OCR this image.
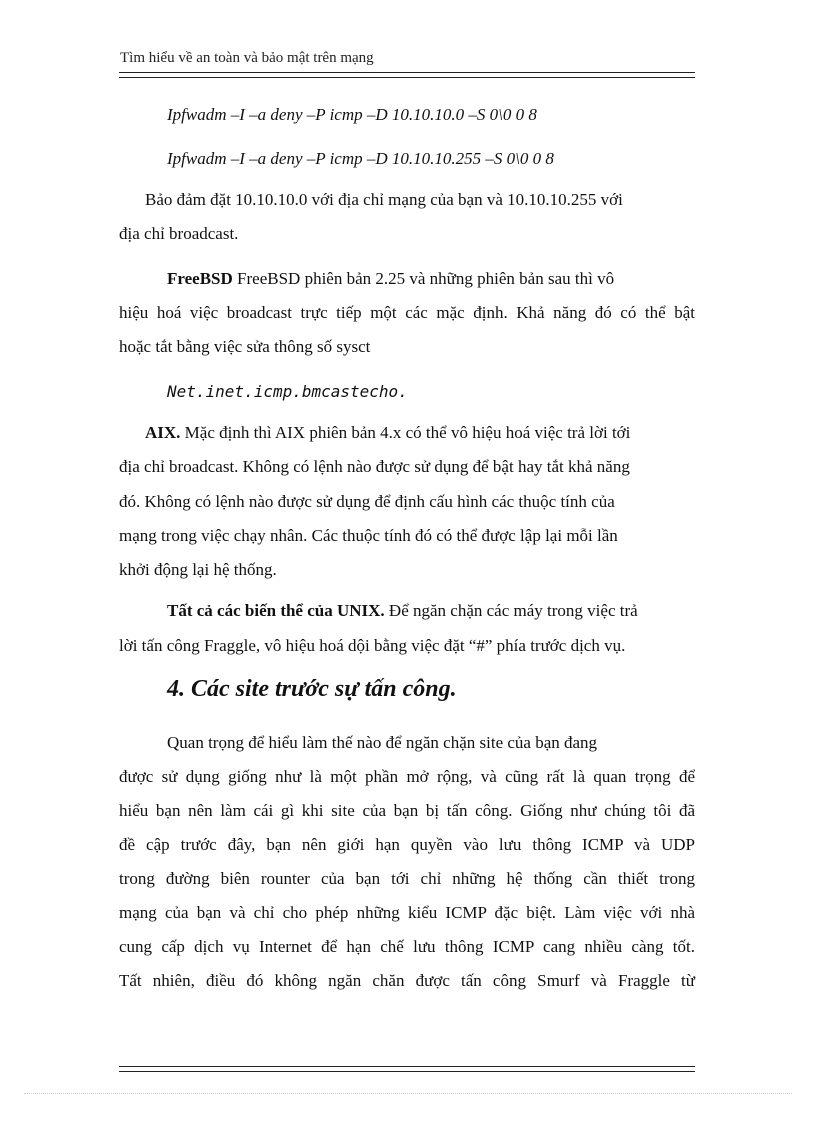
Tìm hiểu về an toàn và bảo mật trên mạng
Ipfwadm –I –a deny –P icmp –D 10.10.10.0 –S 0\0 0 8
Ipfwadm –I –a deny –P icmp –D 10.10.10.255 –S 0\0 0 8
Bảo đảm đặt 10.10.10.0 với địa chỉ mạng của bạn và 10.10.10.255 với
địa chỉ broadcast.
FreeBSD FreeBSD phiên bản 2.25 và những phiên bản sau thì vô
hiệu hoá việc broadcast trực tiếp một các mặc định. Khả năng đó có thể bật
hoặc tắt bằng việc sửa thông số sysct
Net.inet.icmp.bmcastecho.
AIX. Mặc định thì AIX phiên bản 4.x có thể vô hiệu hoá việc trả lời tới
địa chỉ broadcast. Không có lệnh nào được sử dụng để bật hay tắt khả năng
đó. Không có lệnh nào được sử dụng để định cấu hình các thuộc tính của
mạng trong việc chạy nhân. Các thuộc tính đó có thể được lập lại mỗi lần
khởi động lại hệ thống.
Tất cả các biến thể của UNIX. Để ngăn chặn các máy trong việc trả
lời tấn công Fraggle, vô hiệu hoá dội bằng việc đặt “#” phía trước dịch vụ.
4. Các site trước sự tấn công.
Quan trọng để hiểu làm thế nào để ngăn chặn site của bạn đang
được sử dụng giống như là một phần mở rộng, và cũng rất là quan trọng để
hiểu bạn nên làm cái gì khi site của bạn bị tấn công. Giống như chúng tôi đã
đề cập trước đây, bạn nên giới hạn quyền vào lưu thông ICMP và UDP
trong đường biên rounter của bạn tới chỉ những hệ thống cần thiết trong
mạng của bạn và chỉ cho phép những kiểu ICMP đặc biệt. Làm việc với nhà
cung cấp dịch vụ Internet để hạn chế lưu thông ICMP cang nhiều càng tốt.
Tất nhiên, điều đó không ngăn chăn được tấn công Smurf và Fraggle từ
